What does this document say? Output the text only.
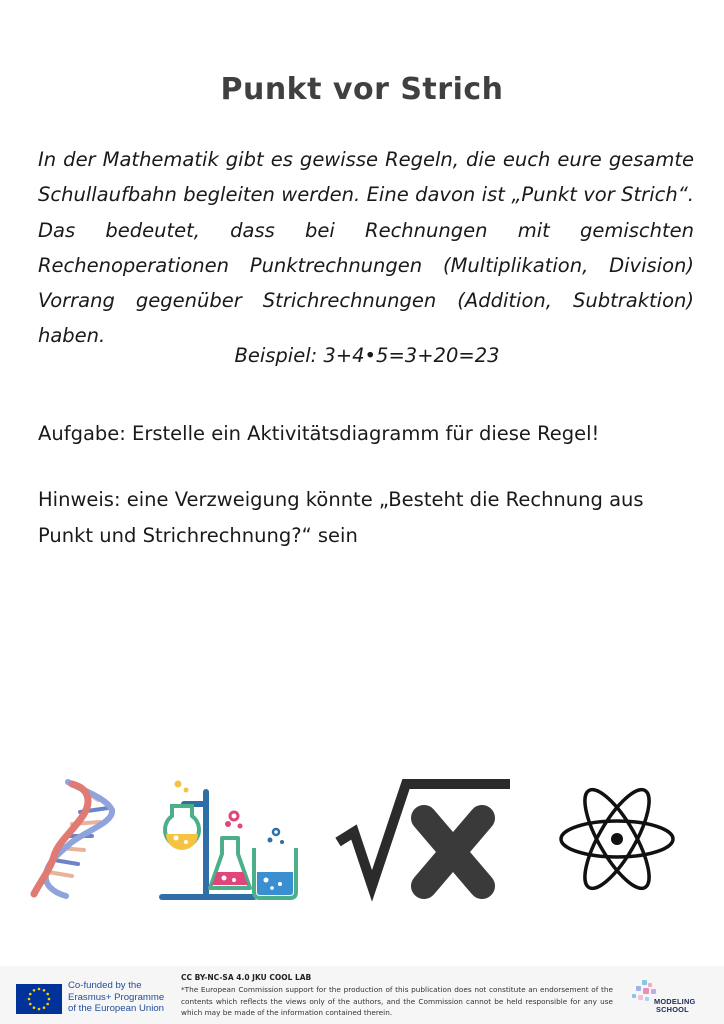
Punkt vor Strich

In der Mathematik gibt es gewisse Regeln, die euch eure gesamte Schullaufbahn begleiten werden. Eine davon ist „Punkt vor Strich“. Das bedeutet, dass bei Rechnungen mit gemischten Rechenoperationen Punktrechnungen (Multiplikation, Division) Vorrang gegenüber Strichrechnungen (Addition, Subtraktion) haben.

Beispiel: 3+4•5=3+20=23

Aufgabe: Erstelle ein Aktivitätsdiagramm für diese Regel!

Hinweis: eine Verzweigung könnte „Besteht die Rechnung aus Punkt und Strichrechnung?“ sein

Co-funded by the
Erasmus+ Programme
of the European Union
CC BY-NC-SA 4.0 JKU COOL LAB
*The European Commission support for the production of this publication does not constitute an endorsement of the contents which reflects the views only of the authors, and the Commission cannot be held responsible for any use which may be made of the information contained therein.
MODELING
SCHOOL
